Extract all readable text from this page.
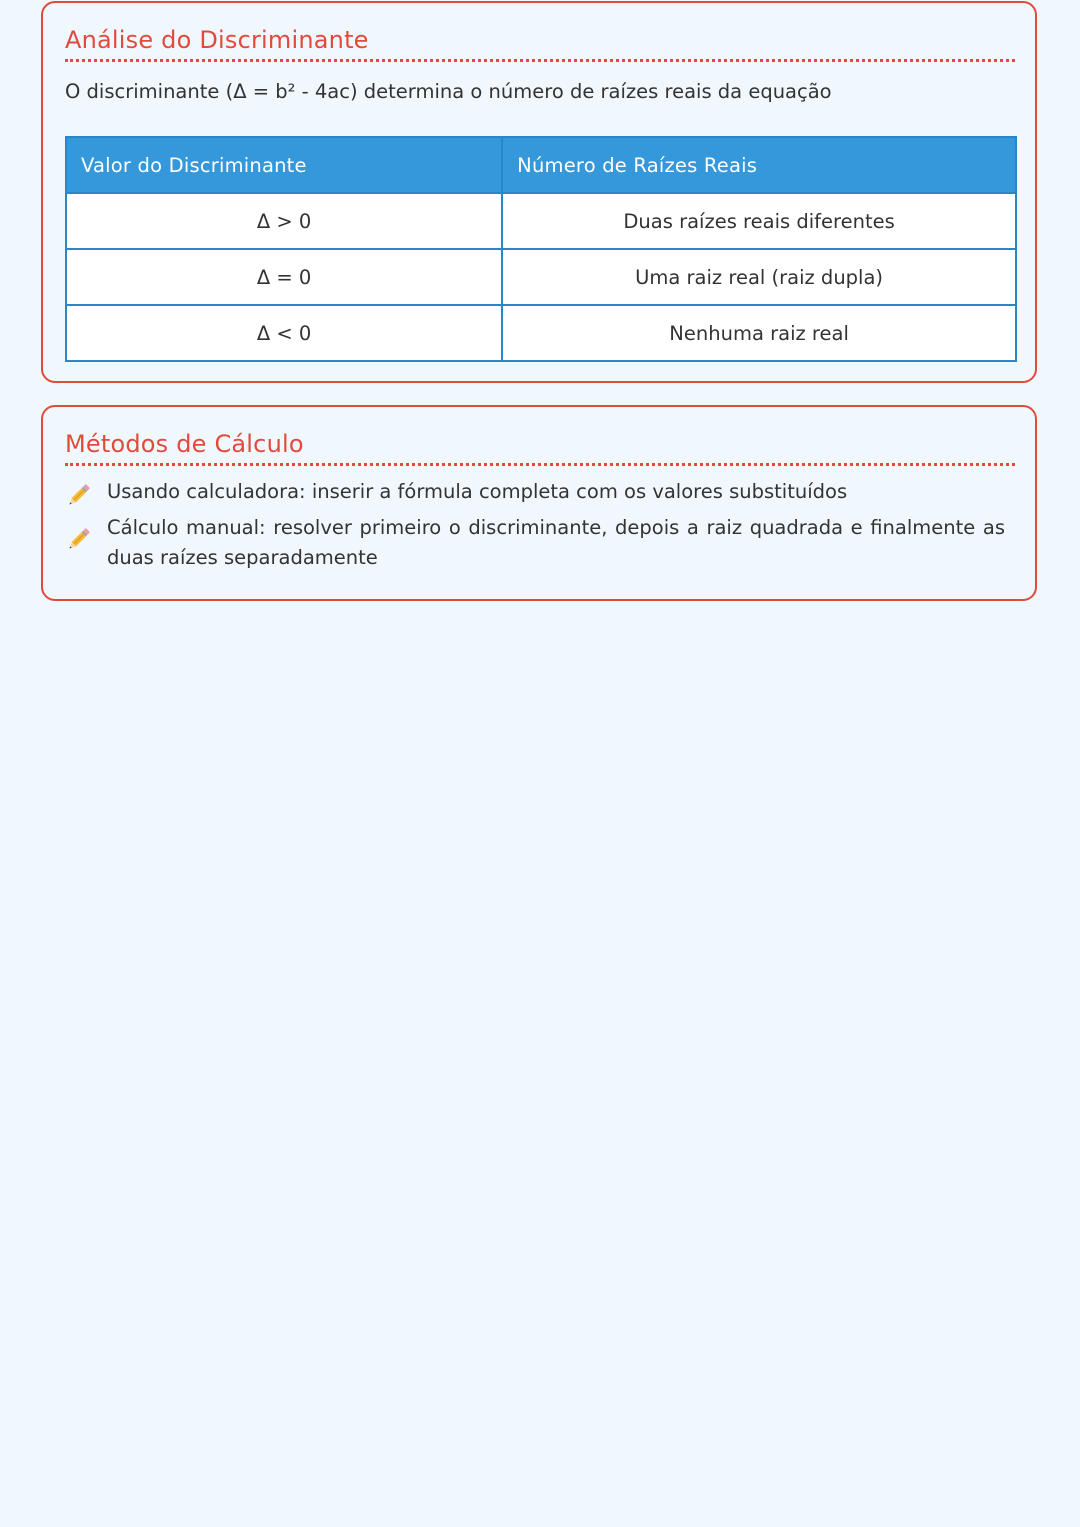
Análise do Discriminante
O discriminante (Δ = b² - 4ac) determina o número de raízes reais da equação
Valor do Discriminante	Número de Raízes Reais
Δ > 0	Duas raízes reais diferentes
Δ = 0	Uma raiz real (raiz dupla)
Δ < 0	Nenhuma raiz real
Métodos de Cálculo
Usando calculadora: inserir a fórmula completa com os valores substituídos
Cálculo manual: resolver primeiro o discriminante, depois a raiz quadrada e finalmente as duas raízes separadamente
